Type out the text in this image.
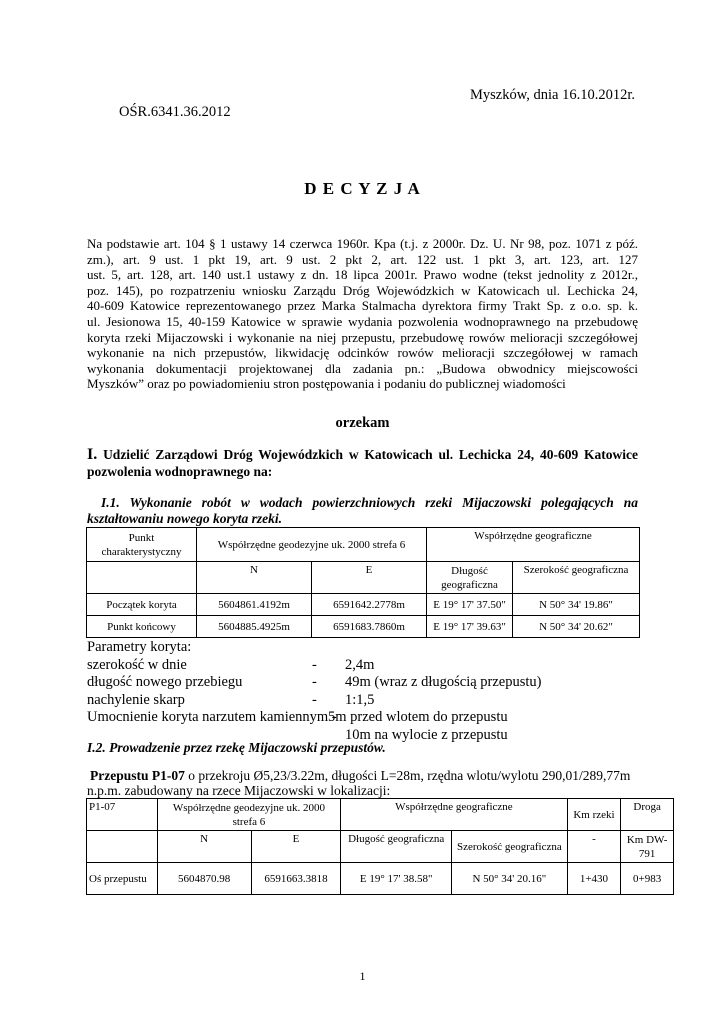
Myszków, dnia 16.10.2012r.
OŚR.6341.36.2012
D E C Y Z J A

Na podstawie art. 104 § 1 ustawy 14 czerwca 1960r. Kpa (t.j. z 2000r. Dz. U. Nr 98, poz. 1071 z póź.

zm.), art. 9 ust. 1 pkt 19, art. 9 ust. 2 pkt 2, art. 122 ust. 1 pkt 3, art. 123, art. 127

ust. 5, art. 128, art. 140 ust.1 ustawy z dn. 18 lipca 2001r. Prawo wodne (tekst jednolity z 2012r.,

poz. 145), po rozpatrzeniu wniosku Zarządu Dróg Wojewódzkich w Katowicach ul. Lechicka 24,

40-609 Katowice reprezentowanego przez Marka Stalmacha dyrektora firmy Trakt Sp. z o.o. sp. k.

ul. Jesionowa 15, 40-159 Katowice w sprawie wydania pozwolenia wodnoprawnego na przebudowę

koryta rzeki Mijaczowski i wykonanie na niej przepustu, przebudowę rowów melioracji szczegółowej

wykonanie na nich przepustów, likwidację odcinków rowów melioracji szczegółowej w ramach

wykonania dokumentacji projektowanej dla zadania pn.: „Budowa obwodnicy miejscowości

Myszków” oraz po powiadomieniu stron postępowania i podaniu do publicznej wiadomości

orzekam

I. Udzielić Zarządowi Dróg Wojewódzkich w Katowicach ul. Lechicka 24, 40-609 Katowice

pozwolenia wodnoprawnego na:

I.1. Wykonanie robót w wodach powierzchniowych rzeki Mijaczowski polegających na

kształtowaniu nowego koryta rzeki.

Punkt charakterystyczny	Współrzędne geodezyjne uk. 2000 strefa 6		Współrzędne geograficzne	
	N	E	Długość geograficzna	Szerokość geograficzna
Początek koryta	5604861.4192m	6591642.2778m	E 19° 17' 37.50"	N 50° 34' 19.86"
Punkt końcowy	5604885.4925m	6591683.7860m	E 19° 17' 39.63"	N 50° 34' 20.62"
Parametry koryta:
szerokość w dnie	- 2,4m
długość nowego przebiegu	- 49m (wraz z długością przepustu)
nachylenie skarp	- 1:1,5
Umocnienie koryta narzutem kamiennym -
5m przed wlotem do przepustu
10m na wylocie z przepustu
I.2. Prowadzenie przez rzekę Mijaczowski przepustów.

Przepustu P1-07 o przekroju Ø5,23/3.22m, długości L=28m, rzędna wlotu/wylotu 290,01/289,77m

n.p.m. zabudowany na rzece Mijaczowski w lokalizacji:

P1-07	Współrzędne geodezyjne uk. 2000 strefa 6		Współrzędne geograficzne		Km rzeki	Droga
	N	E	Długość geograficzna	Szerokość geograficzna	-	Km DW-791
Oś przepustu	5604870.98	6591663.3818	E 19° 17' 38.58"	N 50° 34' 20.16"	1+430	0+983
1
